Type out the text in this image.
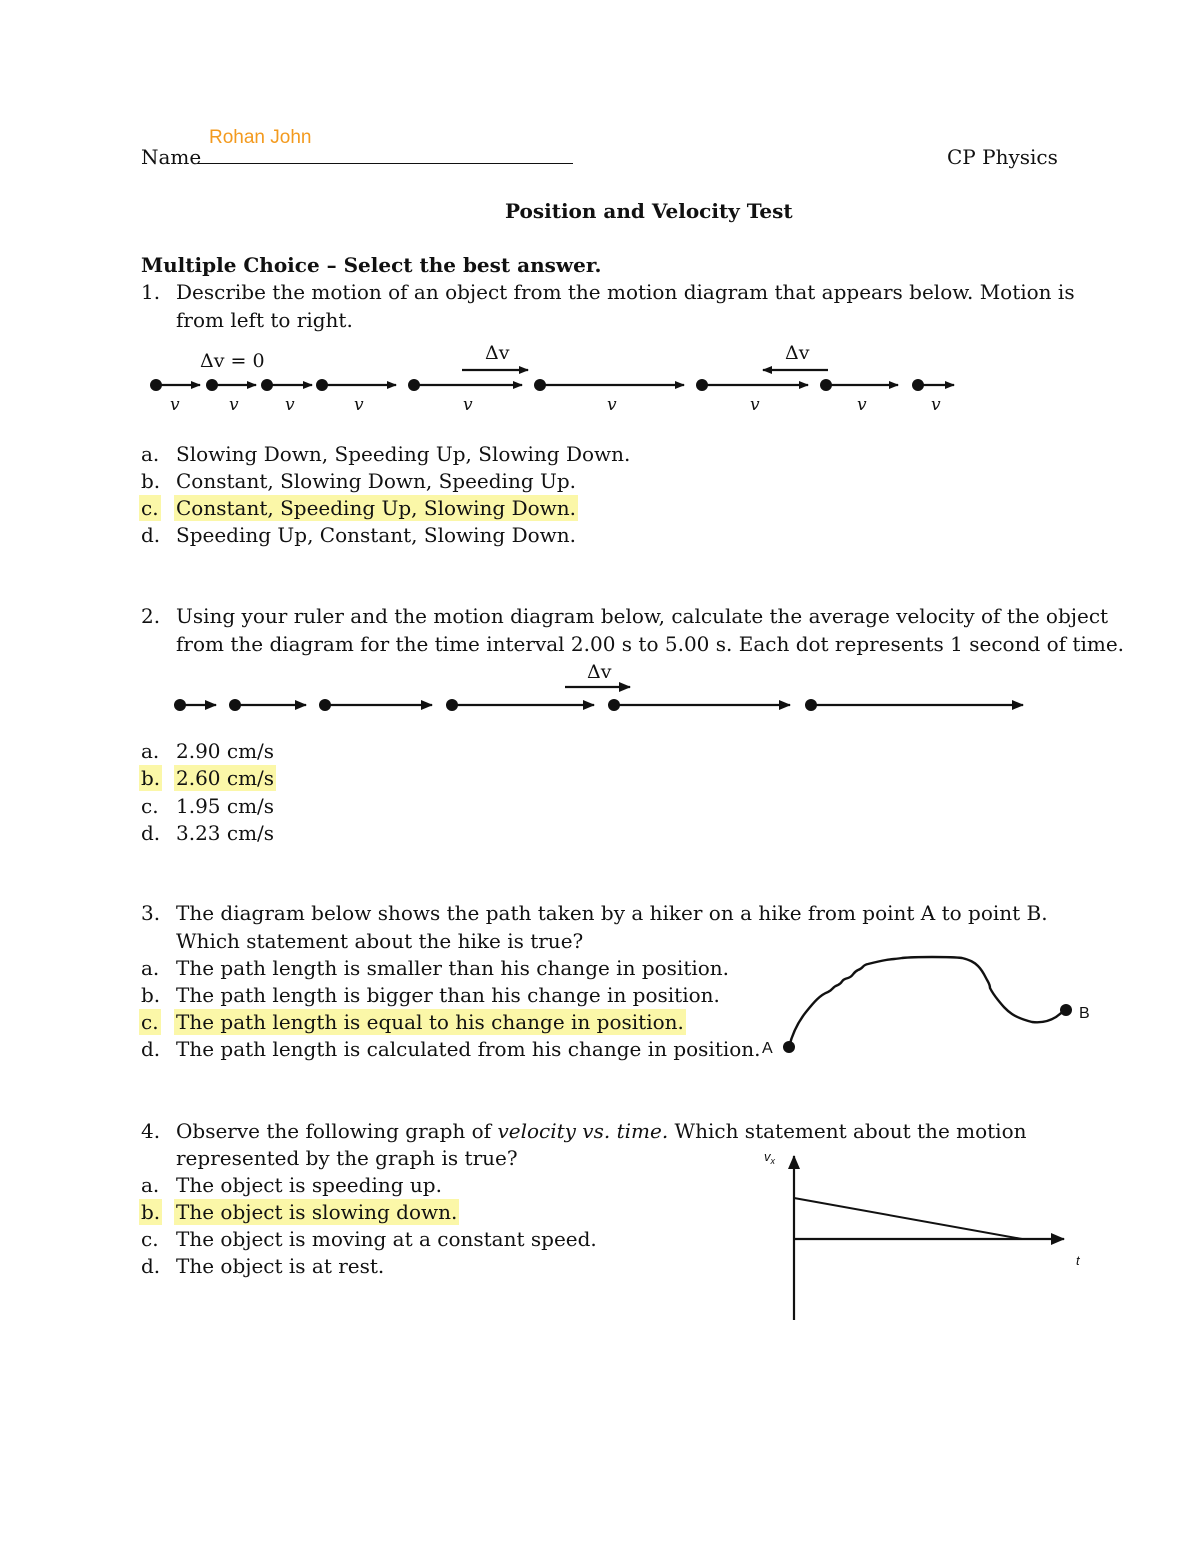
Rohan John
Name	CP Physics
Position and Velocity Test
Multiple Choice – Select the best answer.
1. Describe the motion of an object from the motion diagram that appears below. Motion is
from left to right.
Δv = 0	Δv	Δv
v	v	v	v	v	v	v	v	v
a. Slowing Down, Speeding Up, Slowing Down.
b. Constant, Slowing Down, Speeding Up.
c. Constant, Speeding Up, Slowing Down.
d. Speeding Up, Constant, Slowing Down.
2. Using your ruler and the motion diagram below, calculate the average velocity of the object
from the diagram for the time interval 2.00 s to 5.00 s. Each dot represents 1 second of time.
Δv
a. 2.90 cm/s
b. 2.60 cm/s
c. 1.95 cm/s
d. 3.23 cm/s
3. The diagram below shows the path taken by a hiker on a hike from point A to point B.
Which statement about the hike is true?
a. The path length is smaller than his change in position.
b. The path length is bigger than his change in position.
c. The path length is equal to his change in position.
d. The path length is calculated from his change in position. A
B
4. Observe the following graph of velocity vs. time. Which statement about the motion
represented by the graph is true?
a. The object is speeding up.
b. The object is slowing down.
c. The object is moving at a constant speed.
d. The object is at rest.
$v_x$
t
